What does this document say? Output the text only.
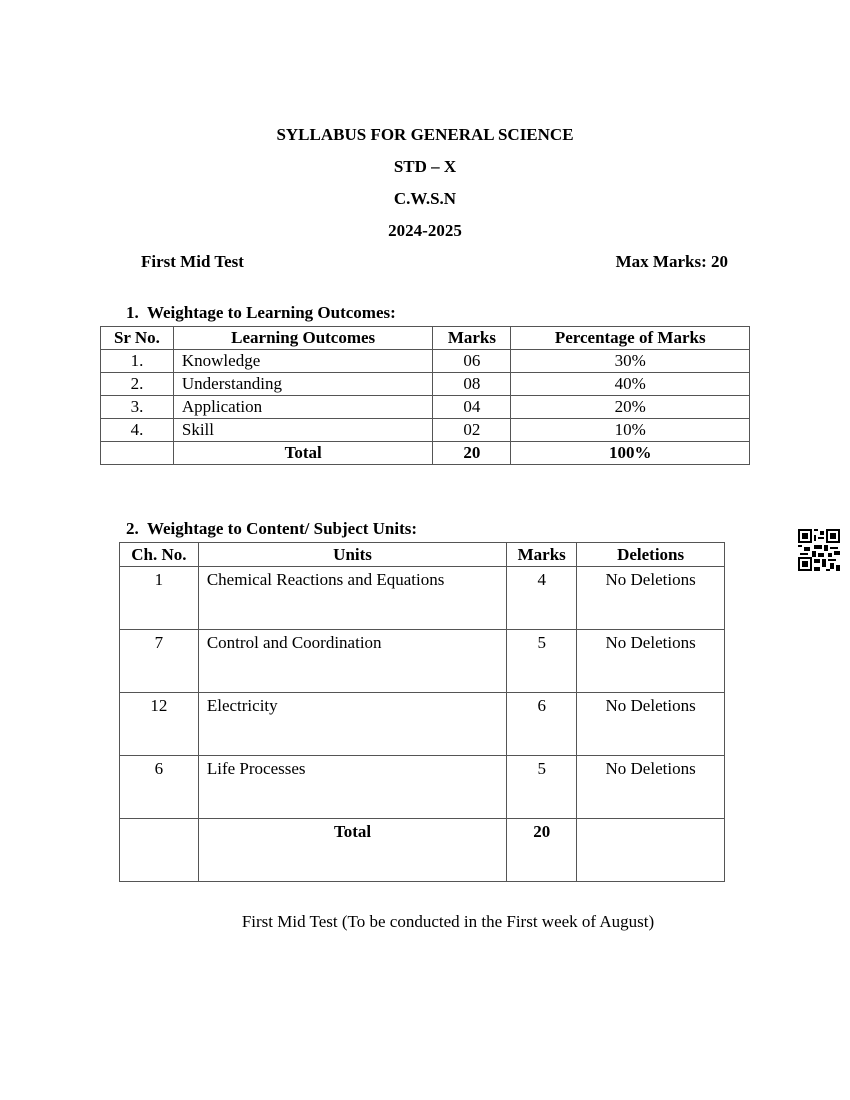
SYLLABUS FOR GENERAL SCIENCE
STD – X
C.W.S.N
2024-2025
First Mid Test	Max Marks: 20
1.  Weightage to Learning Outcomes:
Sr No.	Learning Outcomes	Marks	Percentage of Marks
1.	Knowledge	06	30%
2.	Understanding	08	40%
3.	Application	04	20%
4.	Skill	02	10%
	Total	20	100%
2.  Weightage to Content/ Subject Units:
Ch. No.	Units	Marks	Deletions
1	Chemical Reactions and Equations	4	No Deletions
7	Control and Coordination	5	No Deletions
12	Electricity	6	No Deletions
6	Life Processes	5	No Deletions
	Total	20	
First Mid Test (To be conducted in the First week of August)
